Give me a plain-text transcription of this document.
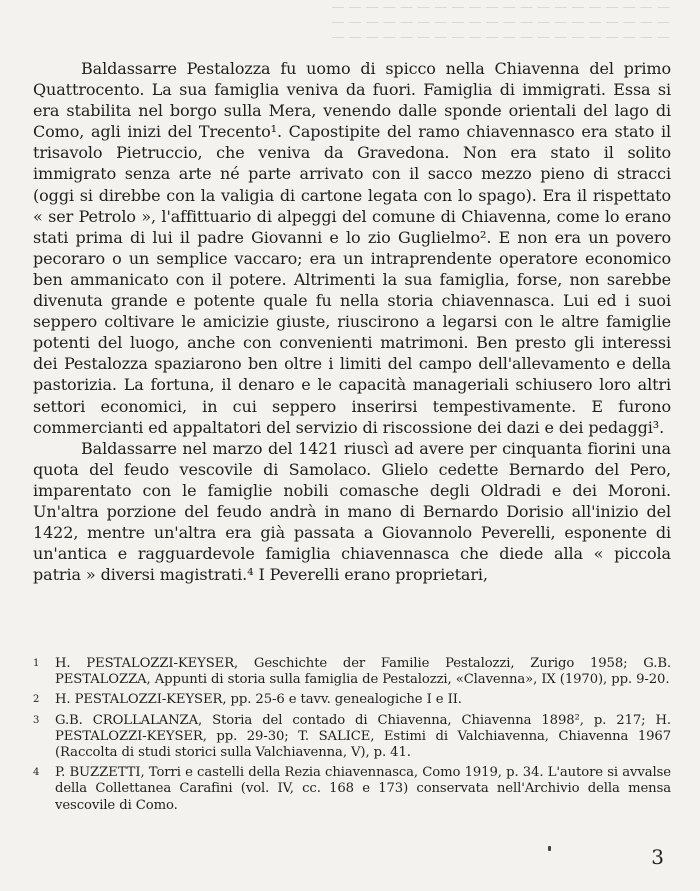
— — — — — — — — — — — — — — — — — — — —
— — — — — — — — — — — — — — — — — — — —
— — — — — — — — — — — — — — — — — — — —

Baldassarre Pestalozza fu uomo di spicco nella Chiavenna del primo Quattrocento. La sua famiglia veniva da fuori. Famiglia di immigrati. Essa si era stabilita nel borgo sulla Mera, venendo dalle sponde orientali del lago di Como, agli inizi del Trecento¹. Capostipite del ramo chiavennasco era stato il trisavolo Pietruccio, che veniva da Gravedona. Non era stato il solito immigrato senza arte né parte arrivato con il sacco mezzo pieno di stracci (oggi si direbbe con la valigia di cartone legata con lo spago). Era il rispettato « ser Petrolo », l'affittuario di alpeggi del comune di Chiavenna, come lo erano stati prima di lui il padre Giovanni e lo zio Guglielmo². E non era un povero pecoraro o un semplice vaccaro; era un intraprendente operatore economico ben ammanicato con il potere. Altrimenti la sua famiglia, forse, non sarebbe divenuta grande e potente quale fu nella storia chiavennasca. Lui ed i suoi seppero coltivare le amicizie giuste, riuscirono a legarsi con le altre famiglie potenti del luogo, anche con convenienti matrimoni. Ben presto gli interessi dei Pestalozza spaziarono ben oltre i limiti del campo dell'allevamento e della pastorizia. La fortuna, il denaro e le capacità manageriali schiusero loro altri settori economici, in cui seppero inserirsi tempestivamente. E furono commercianti ed appaltatori del servizio di riscossione dei dazi e dei pedaggi³.

Baldassarre nel marzo del 1421 riuscì ad avere per cinquanta fiorini una quota del feudo vescovile di Samolaco. Glielo cedette Bernardo del Pero, imparentato con le famiglie nobili comasche degli Oldradi e dei Moroni. Un'altra porzione del feudo andrà in mano di Bernardo Dorisio all'inizio del 1422, mentre un'altra era già passata a Giovannolo Peverelli, esponente di un'antica e ragguardevole famiglia chiavennasca che diede alla « piccola patria » diversi magistrati.⁴ I Peverelli erano proprietari,

1 H. PESTALOZZI-KEYSER, Geschichte der Familie Pestalozzi, Zurigo 1958; G.B. PESTALOZZA, Appunti di storia sulla famiglia de Pestalozzi, «Clavenna», IX (1970), pp. 9-20.

2 H. PESTALOZZI-KEYSER, pp. 25-6 e tavv. genealogiche I e II.

3 G.B. CROLLALANZA, Storia del contado di Chiavenna, Chiavenna 1898², p. 217; H. PESTALOZZI-KEYSER, pp. 29-30; T. SALICE, Estimi di Valchiavenna, Chiavenna 1967 (Raccolta di studi storici sulla Valchiavenna, V), p. 41.

4 P. BUZZETTI, Torri e castelli della Rezia chiavennasca, Como 1919, p. 34. L'autore si avvalse della Collettanea Carafini (vol. IV, cc. 168 e 173) conservata nell'Archivio della mensa vescovile di Como.

3
